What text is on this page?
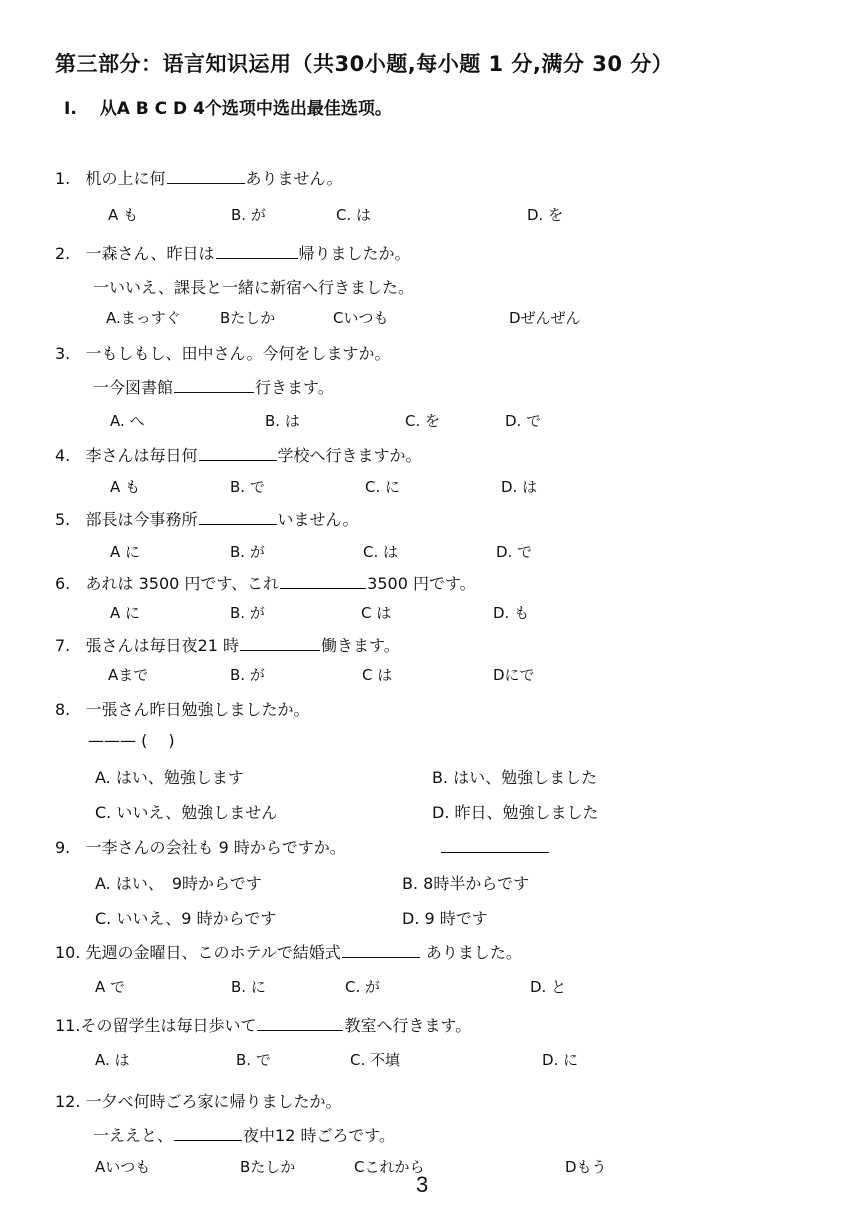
第三部分：语言知识运用（共30小题,每小题 1 分,满分 30 分）
I.　 从A B C D 4个选项中选出最佳选项。
1. 机の上に何	ありません。
A も	B. が	C. は	D. を
2. 一森さん、昨日は	帰りましたか。
一いいえ、課長と一緒に新宿へ行きました。
A.まっすぐ	Bたしか	Cいつも	Dぜんぜん
3. 一もしもし、田中さん。今何をしますか。
一今図書館	行きます。
A. へ	B. は	C. を	D. で
4. 李さんは毎日何	学校へ行きますか。
A も	B. で	C. に	D. は
5. 部長は今事務所	いません。
A に	B. が	C. は	D. で
6. あれは 3500 円です、これ	3500 円です。
A に	B. が	C は	D. も
7. 張さんは毎日夜21 時	働きます。
Aまで	B. が	C は	Dにで
8. 一張さん昨日勉強しましたか。
——— (　 )
A. はい、勉強します	B. はい、勉強しました
C. いいえ、勉強しません	D. 昨日、勉強しました
9. 一李さんの会社も 9 時からですか。
A. はい、　9時からです	B. 8時半からです
C. いいえ、9 時からです	D. 9 時です
10. 先週の金曜日、このホテルで結婚式	ありました。
A で	B. に	C. が	D. と
11.その留学生は毎日歩いて	教室へ行きます。
A. は	B. で	C. 不填	D. に
12. 一夕べ何時ごろ家に帰りましたか。
一ええと、	夜中12 時ごろです。
Aいつも	Bたしか	Cこれから	Dもう
3
